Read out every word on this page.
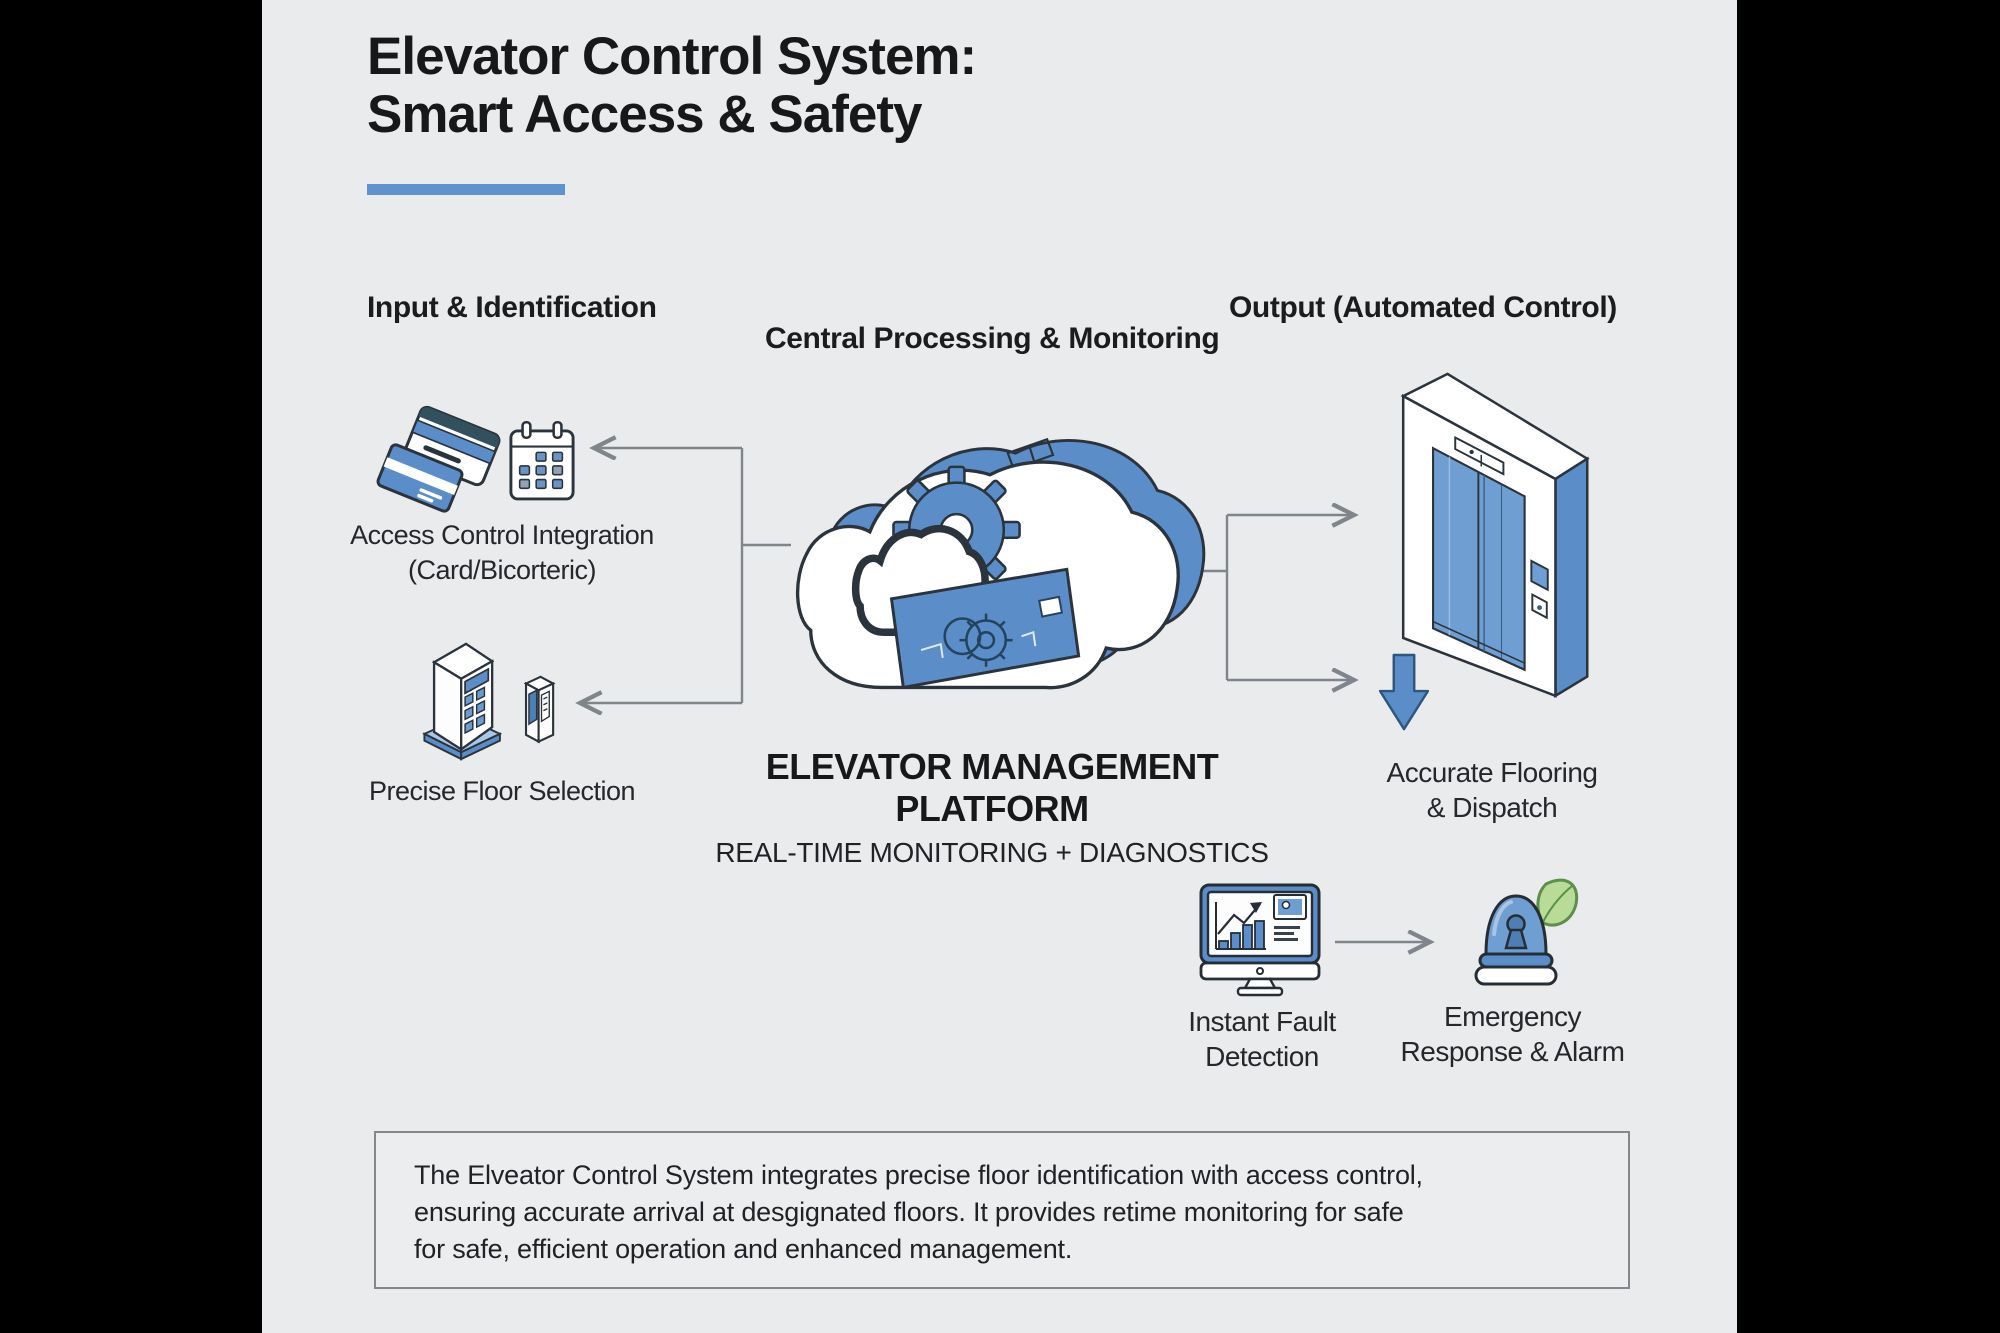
Elevator Control System:
Smart Access & Safety
Input & Identification
Central Processing & Monitoring
Output (Automated Control)
Access Control Integration
(Card/Bicorteric)
Precise Floor Selection
ELEVATOR MANAGEMENT PLATFORM
REAL-TIME MONITORING + DIAGNOSTICS
Accurate Flooring
& Dispatch
Instant Fault
Detection
Emergency
Response & Alarm
The Elveator Control System integrates precise floor identification with access control,
ensuring accurate arrival at desgignated floors. It provides retime monitoring for safe
for safe, efficient operation and enhanced management.
